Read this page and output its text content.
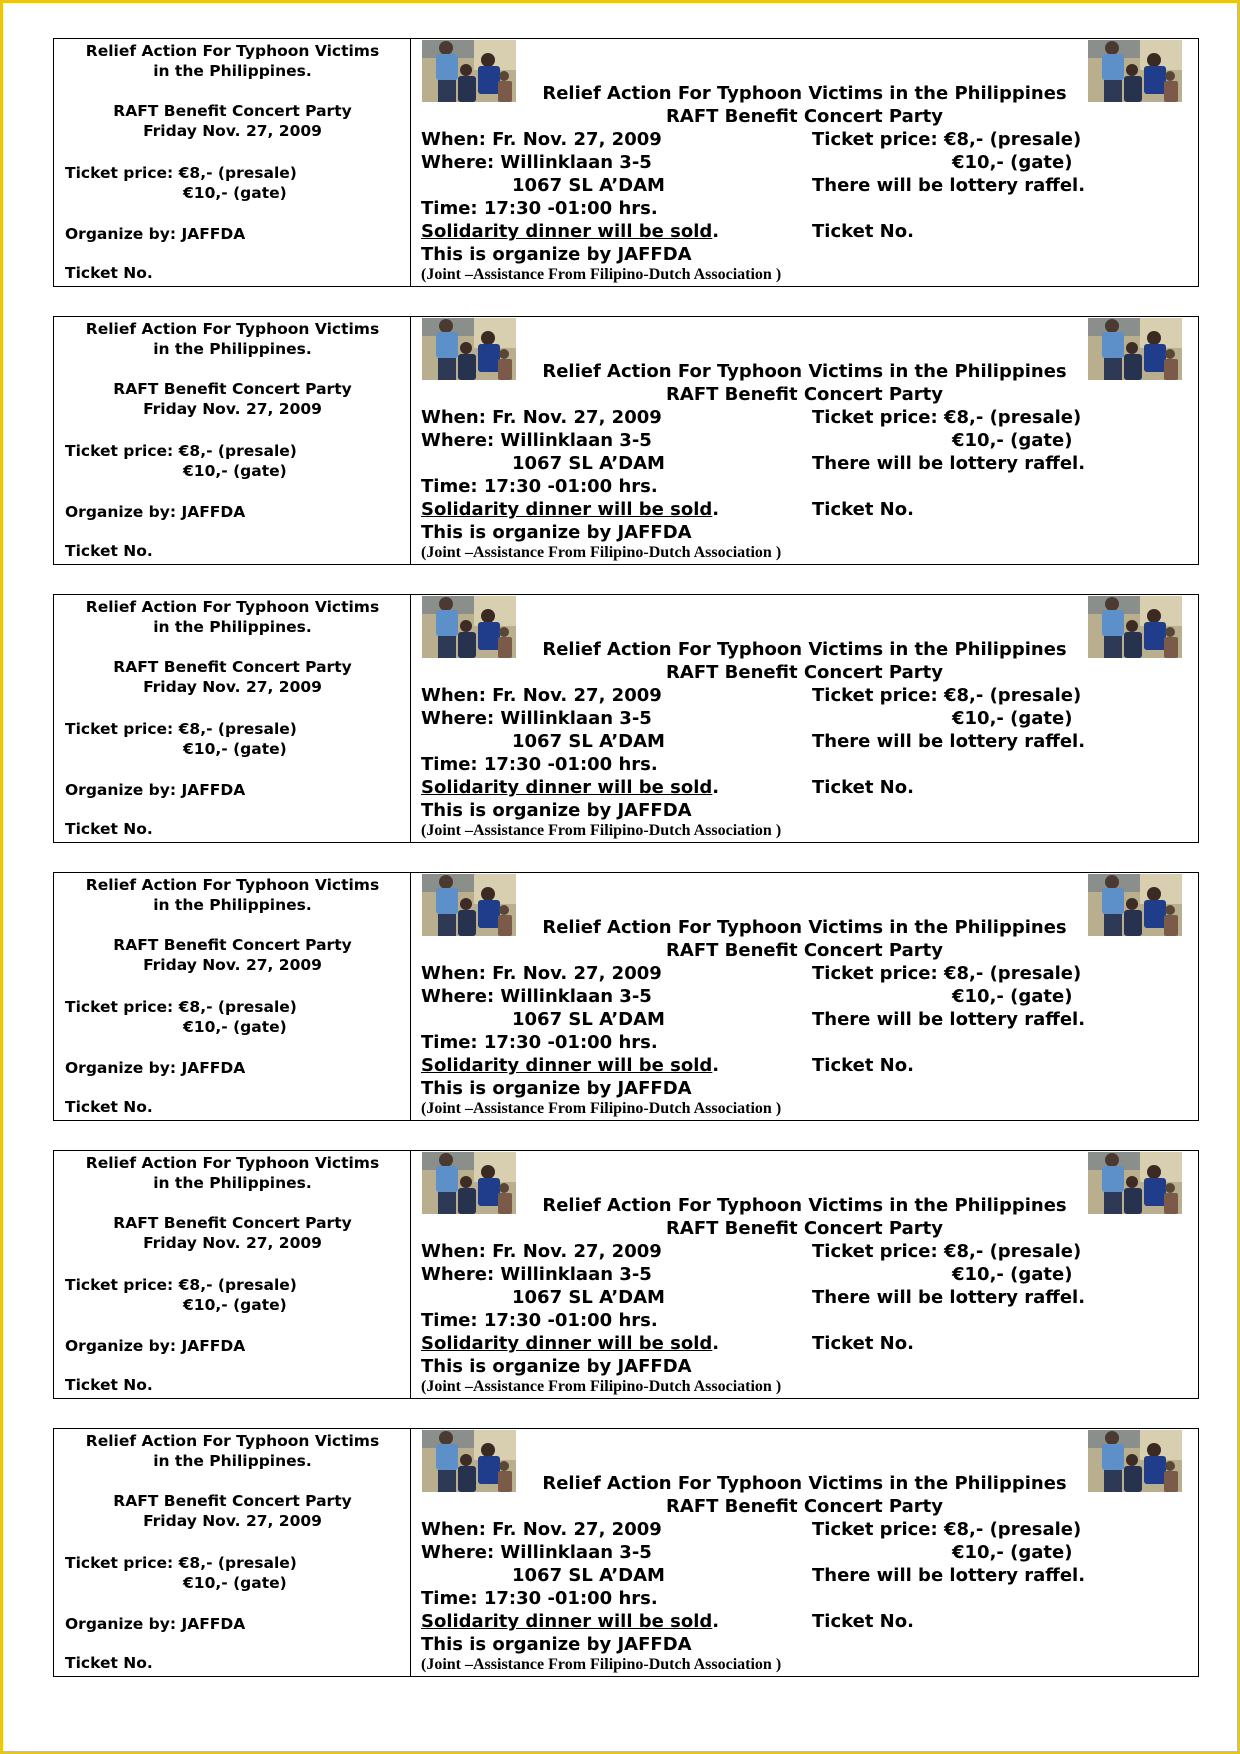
Relief Action For Typhoon Victims
in the Philippines.
RAFT Benefit Concert Party
Friday Nov. 27, 2009
Ticket price: €8,- (presale)
€10,- (gate)
Organize by: JAFFDA
Ticket No.
Relief Action For Typhoon Victims in the Philippines
RAFT Benefit Concert Party
When: Fr. Nov. 27, 2009
Where: Willinklaan 3-5
1067 SL A’DAM
Time: 17:30 -01:00 hrs.
Solidarity dinner will be sold.
This is organize by JAFFDA
(Joint –Assistance From Filipino-Dutch Association )
Ticket price: €8,- (presale)
€10,- (gate)
There will be lottery raffel.
Ticket No.
Relief Action For Typhoon Victims
in the Philippines.
RAFT Benefit Concert Party
Friday Nov. 27, 2009
Ticket price: €8,- (presale)
€10,- (gate)
Organize by: JAFFDA
Ticket No.
Relief Action For Typhoon Victims in the Philippines
RAFT Benefit Concert Party
When: Fr. Nov. 27, 2009
Where: Willinklaan 3-5
1067 SL A’DAM
Time: 17:30 -01:00 hrs.
Solidarity dinner will be sold.
This is organize by JAFFDA
(Joint –Assistance From Filipino-Dutch Association )
Ticket price: €8,- (presale)
€10,- (gate)
There will be lottery raffel.
Ticket No.
Relief Action For Typhoon Victims
in the Philippines.
RAFT Benefit Concert Party
Friday Nov. 27, 2009
Ticket price: €8,- (presale)
€10,- (gate)
Organize by: JAFFDA
Ticket No.
Relief Action For Typhoon Victims in the Philippines
RAFT Benefit Concert Party
When: Fr. Nov. 27, 2009
Where: Willinklaan 3-5
1067 SL A’DAM
Time: 17:30 -01:00 hrs.
Solidarity dinner will be sold.
This is organize by JAFFDA
(Joint –Assistance From Filipino-Dutch Association )
Ticket price: €8,- (presale)
€10,- (gate)
There will be lottery raffel.
Ticket No.
Relief Action For Typhoon Victims
in the Philippines.
RAFT Benefit Concert Party
Friday Nov. 27, 2009
Ticket price: €8,- (presale)
€10,- (gate)
Organize by: JAFFDA
Ticket No.
Relief Action For Typhoon Victims in the Philippines
RAFT Benefit Concert Party
When: Fr. Nov. 27, 2009
Where: Willinklaan 3-5
1067 SL A’DAM
Time: 17:30 -01:00 hrs.
Solidarity dinner will be sold.
This is organize by JAFFDA
(Joint –Assistance From Filipino-Dutch Association )
Ticket price: €8,- (presale)
€10,- (gate)
There will be lottery raffel.
Ticket No.
Relief Action For Typhoon Victims
in the Philippines.
RAFT Benefit Concert Party
Friday Nov. 27, 2009
Ticket price: €8,- (presale)
€10,- (gate)
Organize by: JAFFDA
Ticket No.
Relief Action For Typhoon Victims in the Philippines
RAFT Benefit Concert Party
When: Fr. Nov. 27, 2009
Where: Willinklaan 3-5
1067 SL A’DAM
Time: 17:30 -01:00 hrs.
Solidarity dinner will be sold.
This is organize by JAFFDA
(Joint –Assistance From Filipino-Dutch Association )
Ticket price: €8,- (presale)
€10,- (gate)
There will be lottery raffel.
Ticket No.
Relief Action For Typhoon Victims
in the Philippines.
RAFT Benefit Concert Party
Friday Nov. 27, 2009
Ticket price: €8,- (presale)
€10,- (gate)
Organize by: JAFFDA
Ticket No.
Relief Action For Typhoon Victims in the Philippines
RAFT Benefit Concert Party
When: Fr. Nov. 27, 2009
Where: Willinklaan 3-5
1067 SL A’DAM
Time: 17:30 -01:00 hrs.
Solidarity dinner will be sold.
This is organize by JAFFDA
(Joint –Assistance From Filipino-Dutch Association )
Ticket price: €8,- (presale)
€10,- (gate)
There will be lottery raffel.
Ticket No.
